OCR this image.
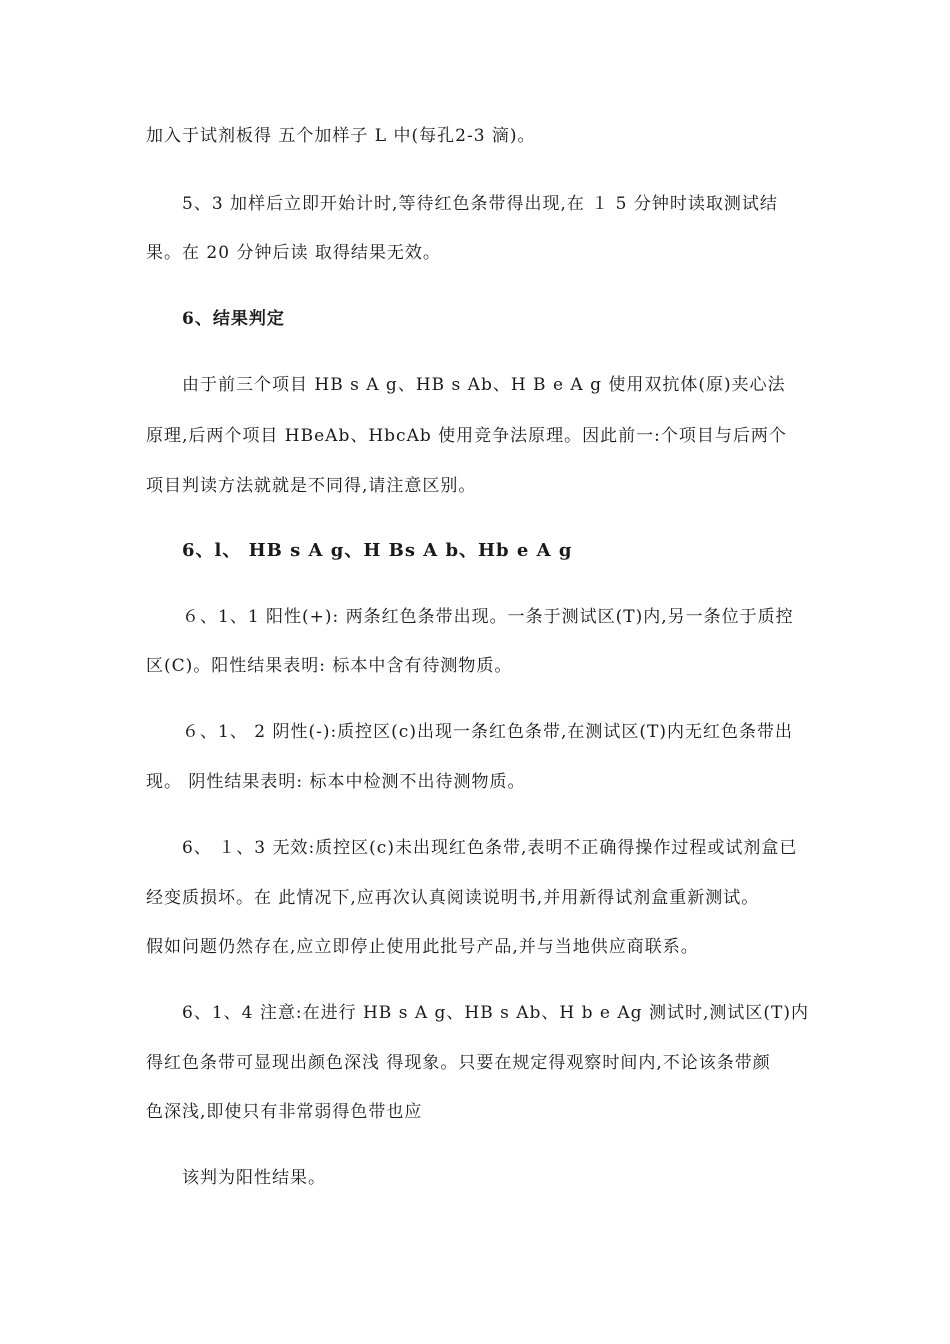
加入于试剂板得 五个加样子 L 中(每孔2-3 滴)。
5、3 加样后立即开始计时,等待红色条带得出现,在 １ 5 分钟时读取测试结
果。在 20 分钟后读 取得结果无效。
6、结果判定
由于前三个项目 HB s A g、HB s Ab、H B e A g 使用双抗体(原)夹心法
原理,后两个项目 HBeAb、HbcAb 使用竞争法原理。因此前一:个项目与后两个
项目判读方法就就是不同得,请注意区别。
6、l、 HB s A g、H Bs A b、Hb e A g
６、1、1 阳性(+): 两条红色条带出现。一条于测试区(T)内,另一条位于质控
区(C)。阳性结果表明: 标本中含有待测物质。
６、1、 2 阴性(-):质控区(c)出现一条红色条带,在测试区(T)内无红色条带出
现。 阴性结果表明: 标本中检测不出待测物质。
6、 １、3 无效:质控区(c)未出现红色条带,表明不正确得操作过程或试剂盒已
经变质损坏。在 此情况下,应再次认真阅读说明书,并用新得试剂盒重新测试。
假如问题仍然存在,应立即停止使用此批号产品,并与当地供应商联系。
6、1、4 注意:在进行 HB s A g、HB s Ab、H b e Ag 测试时,测试区(T)内
得红色条带可显现出颜色深浅 得现象。只要在规定得观察时间内,不论该条带颜
色深浅,即使只有非常弱得色带也应
该判为阳性结果。
